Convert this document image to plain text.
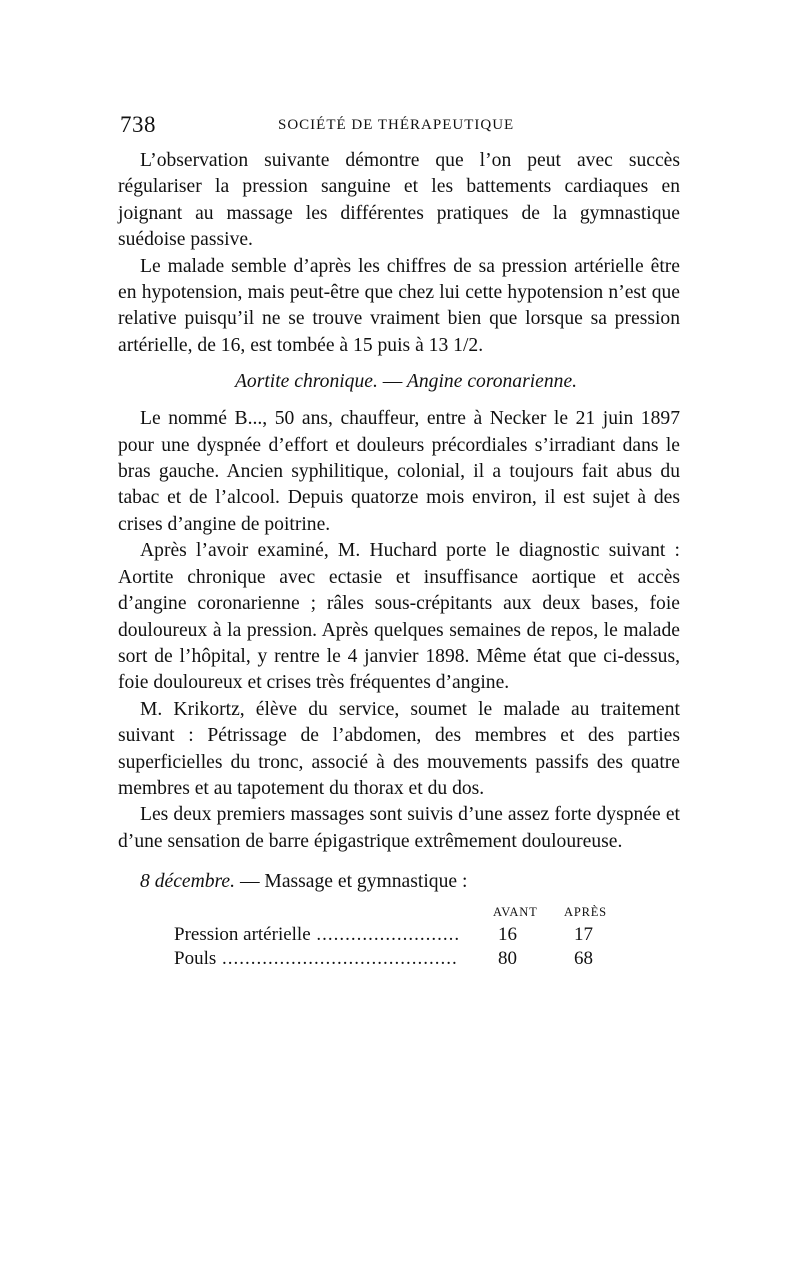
738	SOCIÉTÉ DE THÉRAPEUTIQUE

L’observation suivante démontre que l’on peut avec succès régulariser la pression sanguine et les battements cardiaques en joignant au massage les différentes pratiques de la gymnastique suédoise passive.

Le malade semble d’après les chiffres de sa pression artérielle être en hypotension, mais peut-être que chez lui cette hypotension n’est que relative puisqu’il ne se trouve vraiment bien que lorsque sa pression artérielle, de 16, est tombée à 15 puis à 13 1/2.

Aortite chronique. — Angine coronarienne.

Le nommé B..., 50 ans, chauffeur, entre à Necker le 21 juin 1897 pour une dyspnée d’effort et douleurs précordiales s’irradiant dans le bras gauche. Ancien syphilitique, colonial, il a toujours fait abus du tabac et de l’alcool. Depuis quatorze mois environ, il est sujet à des crises d’angine de poitrine.

Après l’avoir examiné, M. Huchard porte le diagnostic suivant : Aortite chronique avec ectasie et insuffisance aortique et accès d’angine coronarienne ; râles sous-crépitants aux deux bases, foie douloureux à la pression. Après quelques semaines de repos, le malade sort de l’hôpital, y rentre le 4 janvier 1898. Même état que ci-dessus, foie douloureux et crises très fréquentes d’angine.

M. Krikortz, élève du service, soumet le malade au traitement suivant : Pétrissage de l’abdomen, des membres et des parties superficielles du tronc, associé à des mouvements passifs des quatre membres et au tapotement du thorax et du dos.

Les deux premiers massages sont suivis d’une assez forte dyspnée et d’une sensation de barre épigastrique extrêmement douloureuse.

8 décembre. — Massage et gymnastique :
AVANT APRÈS
Pression artérielle .....	16	17
Pouls .....	80	68
